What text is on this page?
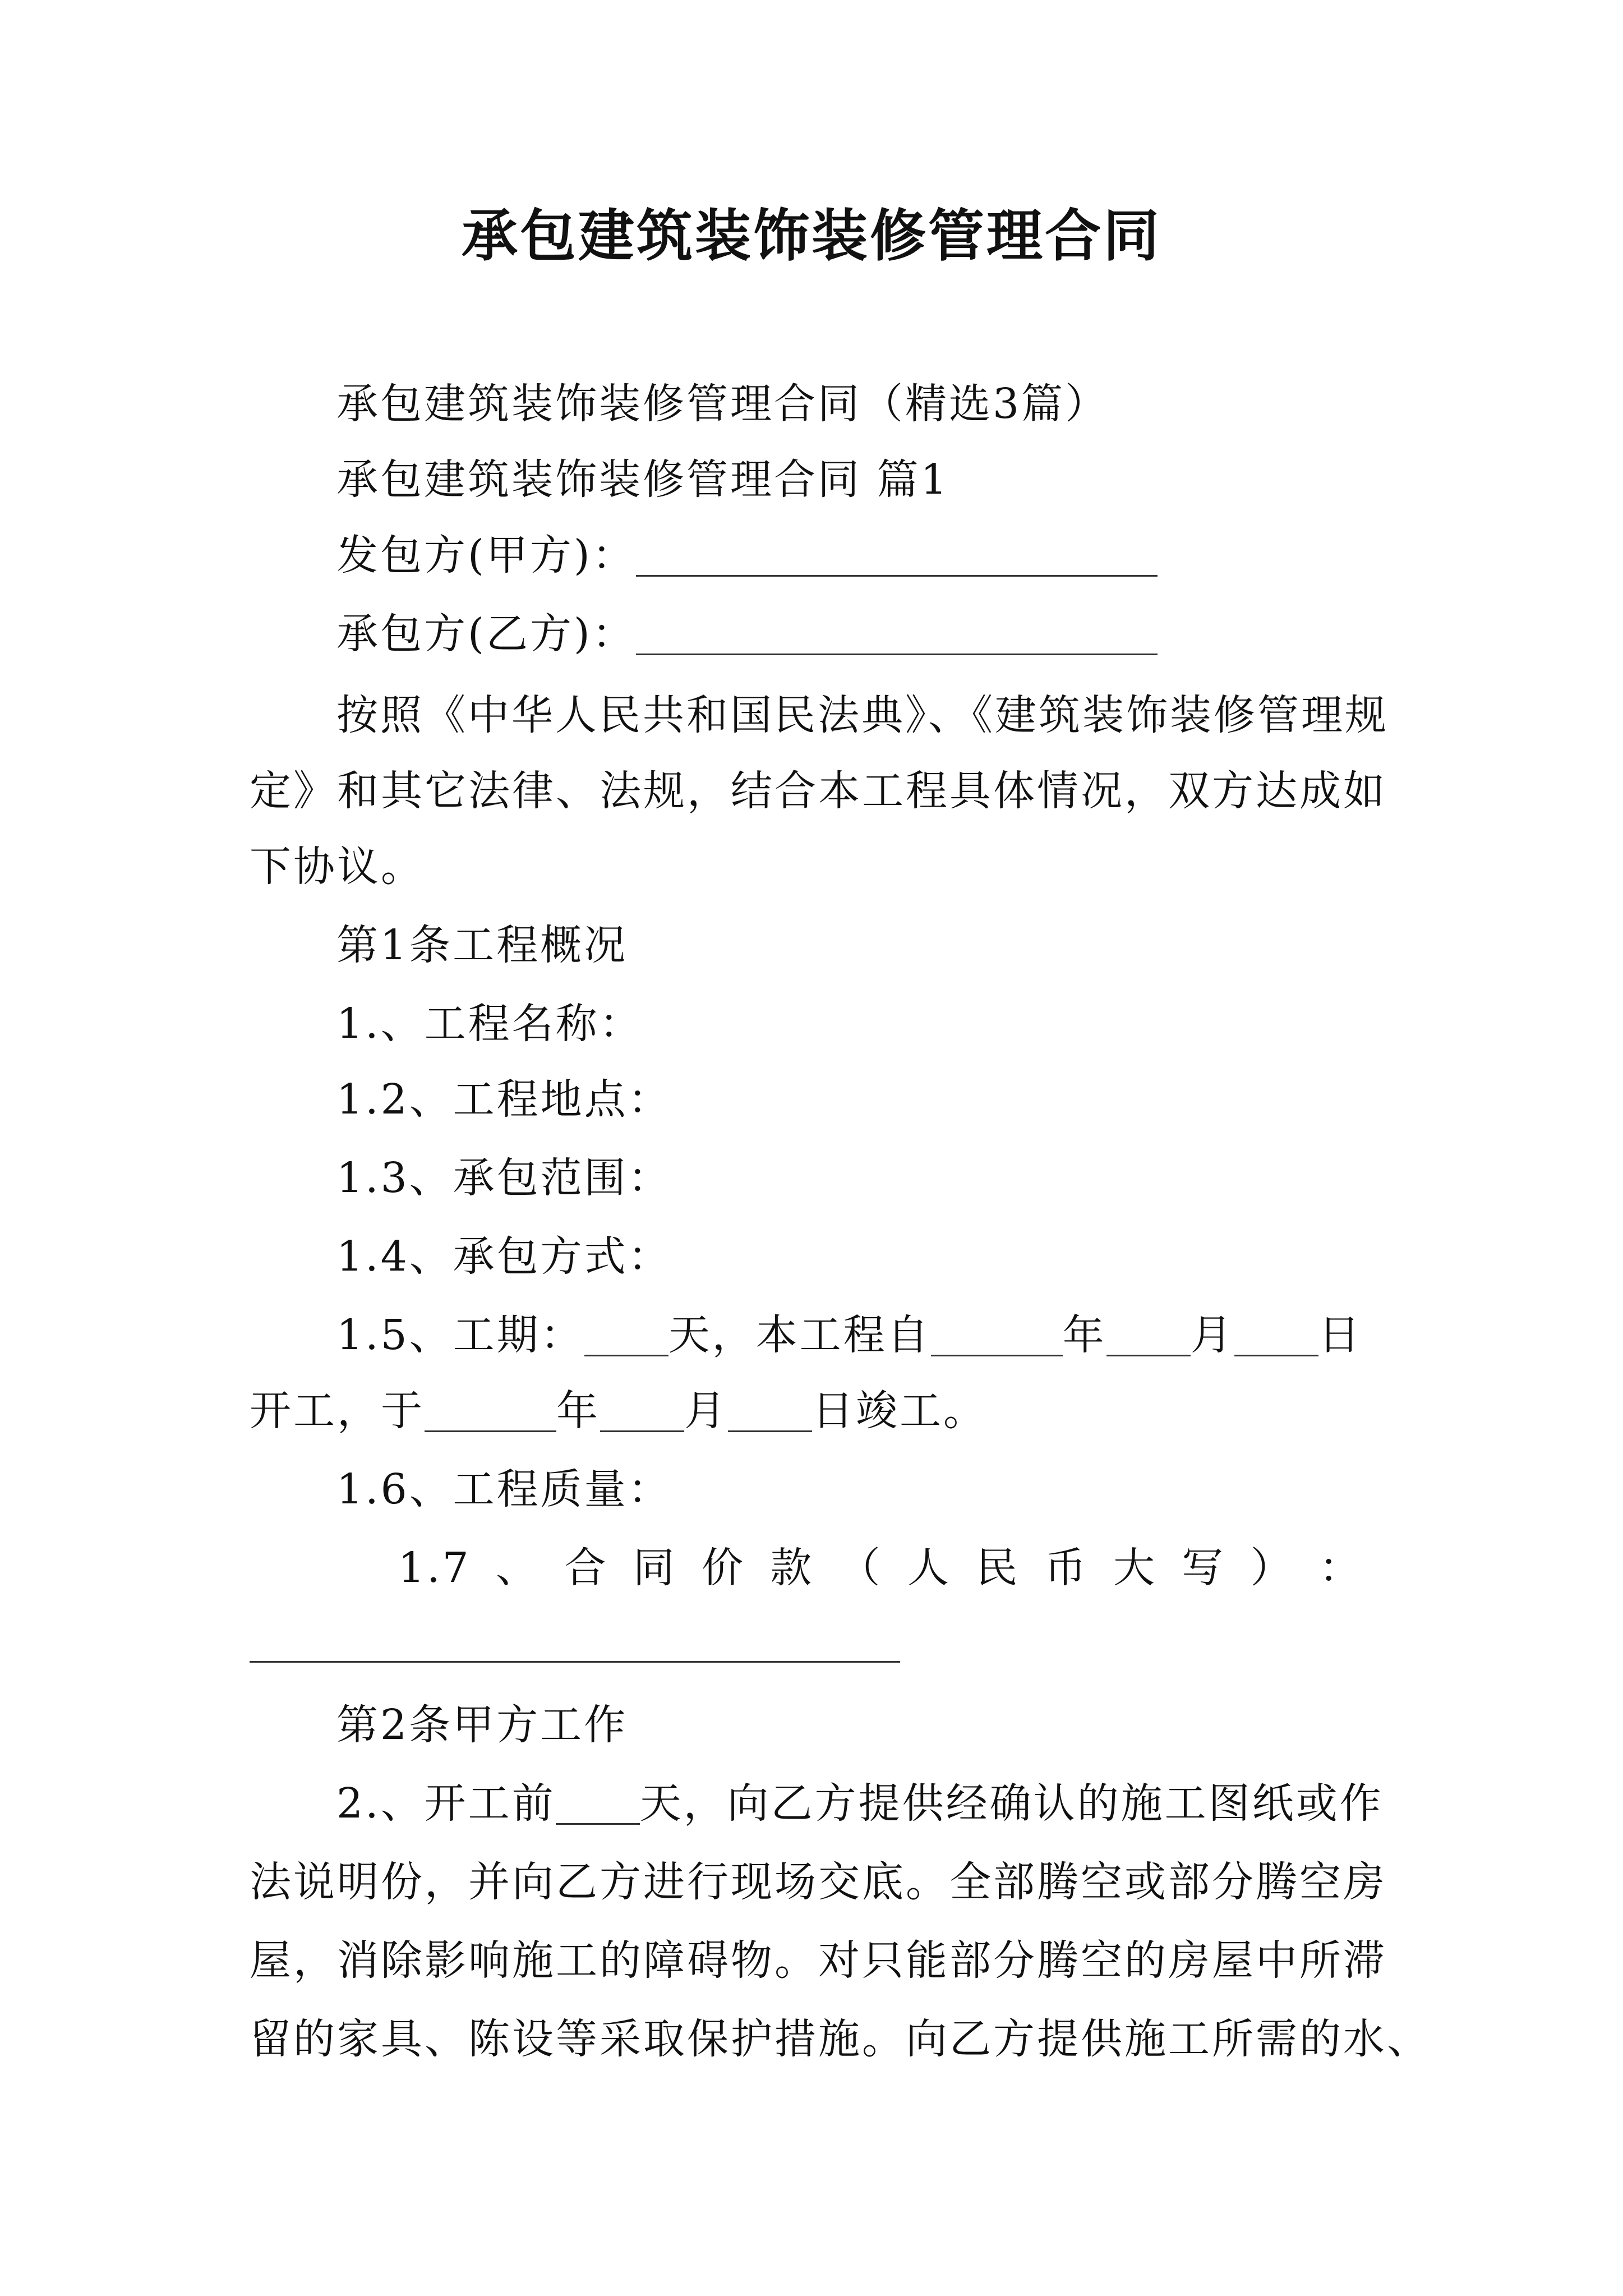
承包建筑装饰装修管理合同
承包建筑装饰装修管理合同（精选3篇）
承包建筑装饰装修管理合同 篇1
发包方(甲方)：
承包方(乙方)：
按照《中华人民共和国民法典》、《建筑装饰装修管理规
定》和其它法律、法规，结合本工程具体情况，双方达成如
下协议。
第1条工程概况
1.、工程名称：
1.2、工程地点：
1.3、承包范围：
1.4、承包方式：
1.5、工期： 天，本工程自	年 月 日
开工，于	年 月 日竣工。
1.6、工程质量：
1.7 、 合 同 价 款 （ 人 民 币 大 写 ） ：
第2条甲方工作
2.、开工前 天，向乙方提供经确认的施工图纸或作
法说明份，并向乙方进行现场交底。全部腾空或部分腾空房
屋，消除影响施工的障碍物。对只能部分腾空的房屋中所滞
留的家具、陈设等采取保护措施。向乙方提供施工所需的水、
